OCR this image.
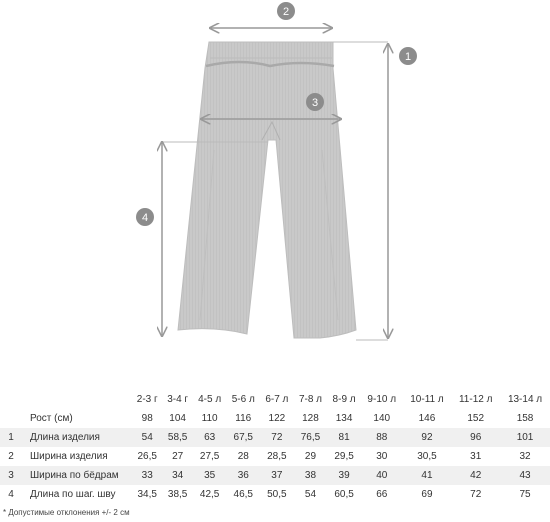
1
2
3
4
		2-3 г	3-4 г	4-5 л	5-6 л	6-7 л	7-8 л	8-9 л	9-10 л	10-11 л	11-12 л	13-14 л
	Рост (см)	98	104	110	116	122	128	134	140	146	152	158
1	Длина изделия	54	58,5	63	67,5	72	76,5	81	88	92	96	101
2	Ширина изделия	26,5	27	27,5	28	28,5	29	29,5	30	30,5	31	32
3	Ширина по бёдрам	33	34	35	36	37	38	39	40	41	42	43
4	Длина по шаг. шву	34,5	38,5	42,5	46,5	50,5	54	60,5	66	69	72	75
* Допустимые отклонения +/- 2 см
